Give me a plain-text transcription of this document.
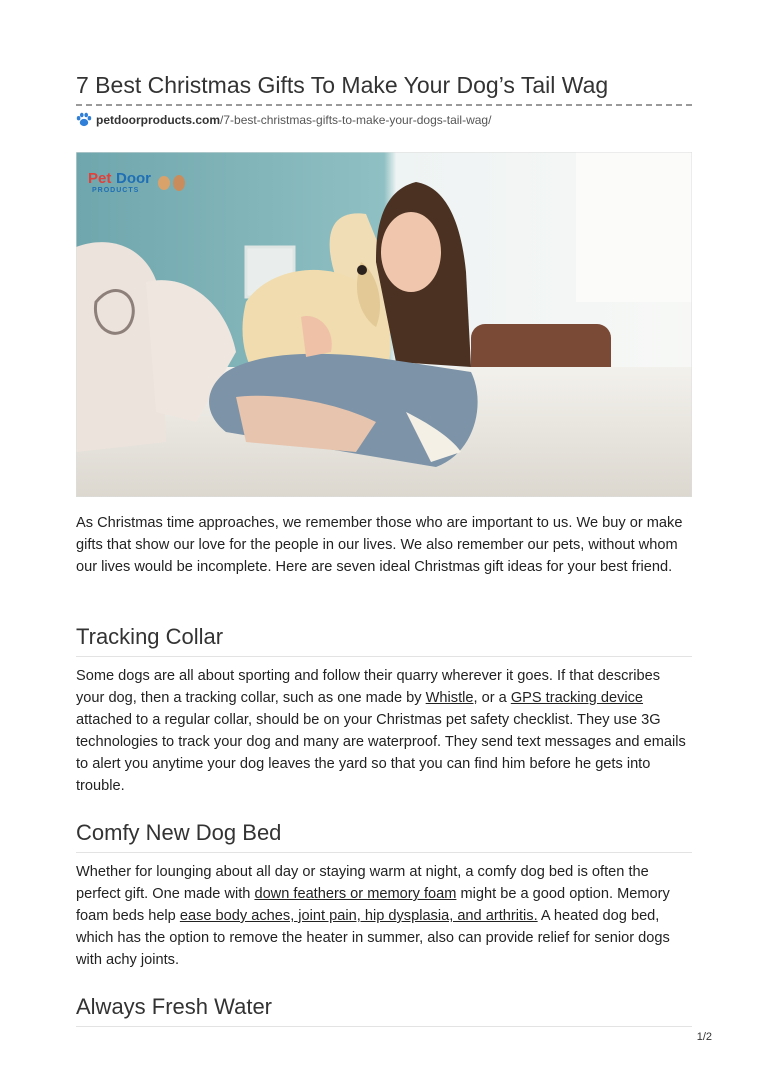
7 Best Christmas Gifts To Make Your Dog’s Tail Wag
petdoorproducts.com /7-best-christmas-gifts-to-make-your-dogs-tail-wag/
Pet Door
PRODUCTS

As Christmas time approaches, we remember those who are important to us. We buy or make gifts that show our love for the people in our lives. We also remember our pets, without whom our lives would be incomplete. Here are seven ideal Christmas gift ideas for your best friend.

Tracking Collar

Some dogs are all about sporting and follow their quarry wherever it goes. If that describes your dog, then a tracking collar, such as one made by Whistle, or a GPS tracking device attached to a regular collar, should be on your Christmas pet safety checklist. They use 3G technologies to track your dog and many are waterproof. They send text messages and emails to alert you anytime your dog leaves the yard so that you can find him before he gets into trouble.

Comfy New Dog Bed

Whether for lounging about all day or staying warm at night, a comfy dog bed is often the perfect gift. One made with down feathers or memory foam might be a good option. Memory foam beds help ease body aches, joint pain, hip dysplasia, and arthritis. A heated dog bed, which has the option to remove the heater in summer, also can provide relief for senior dogs with achy joints.

Always Fresh Water
1/2
